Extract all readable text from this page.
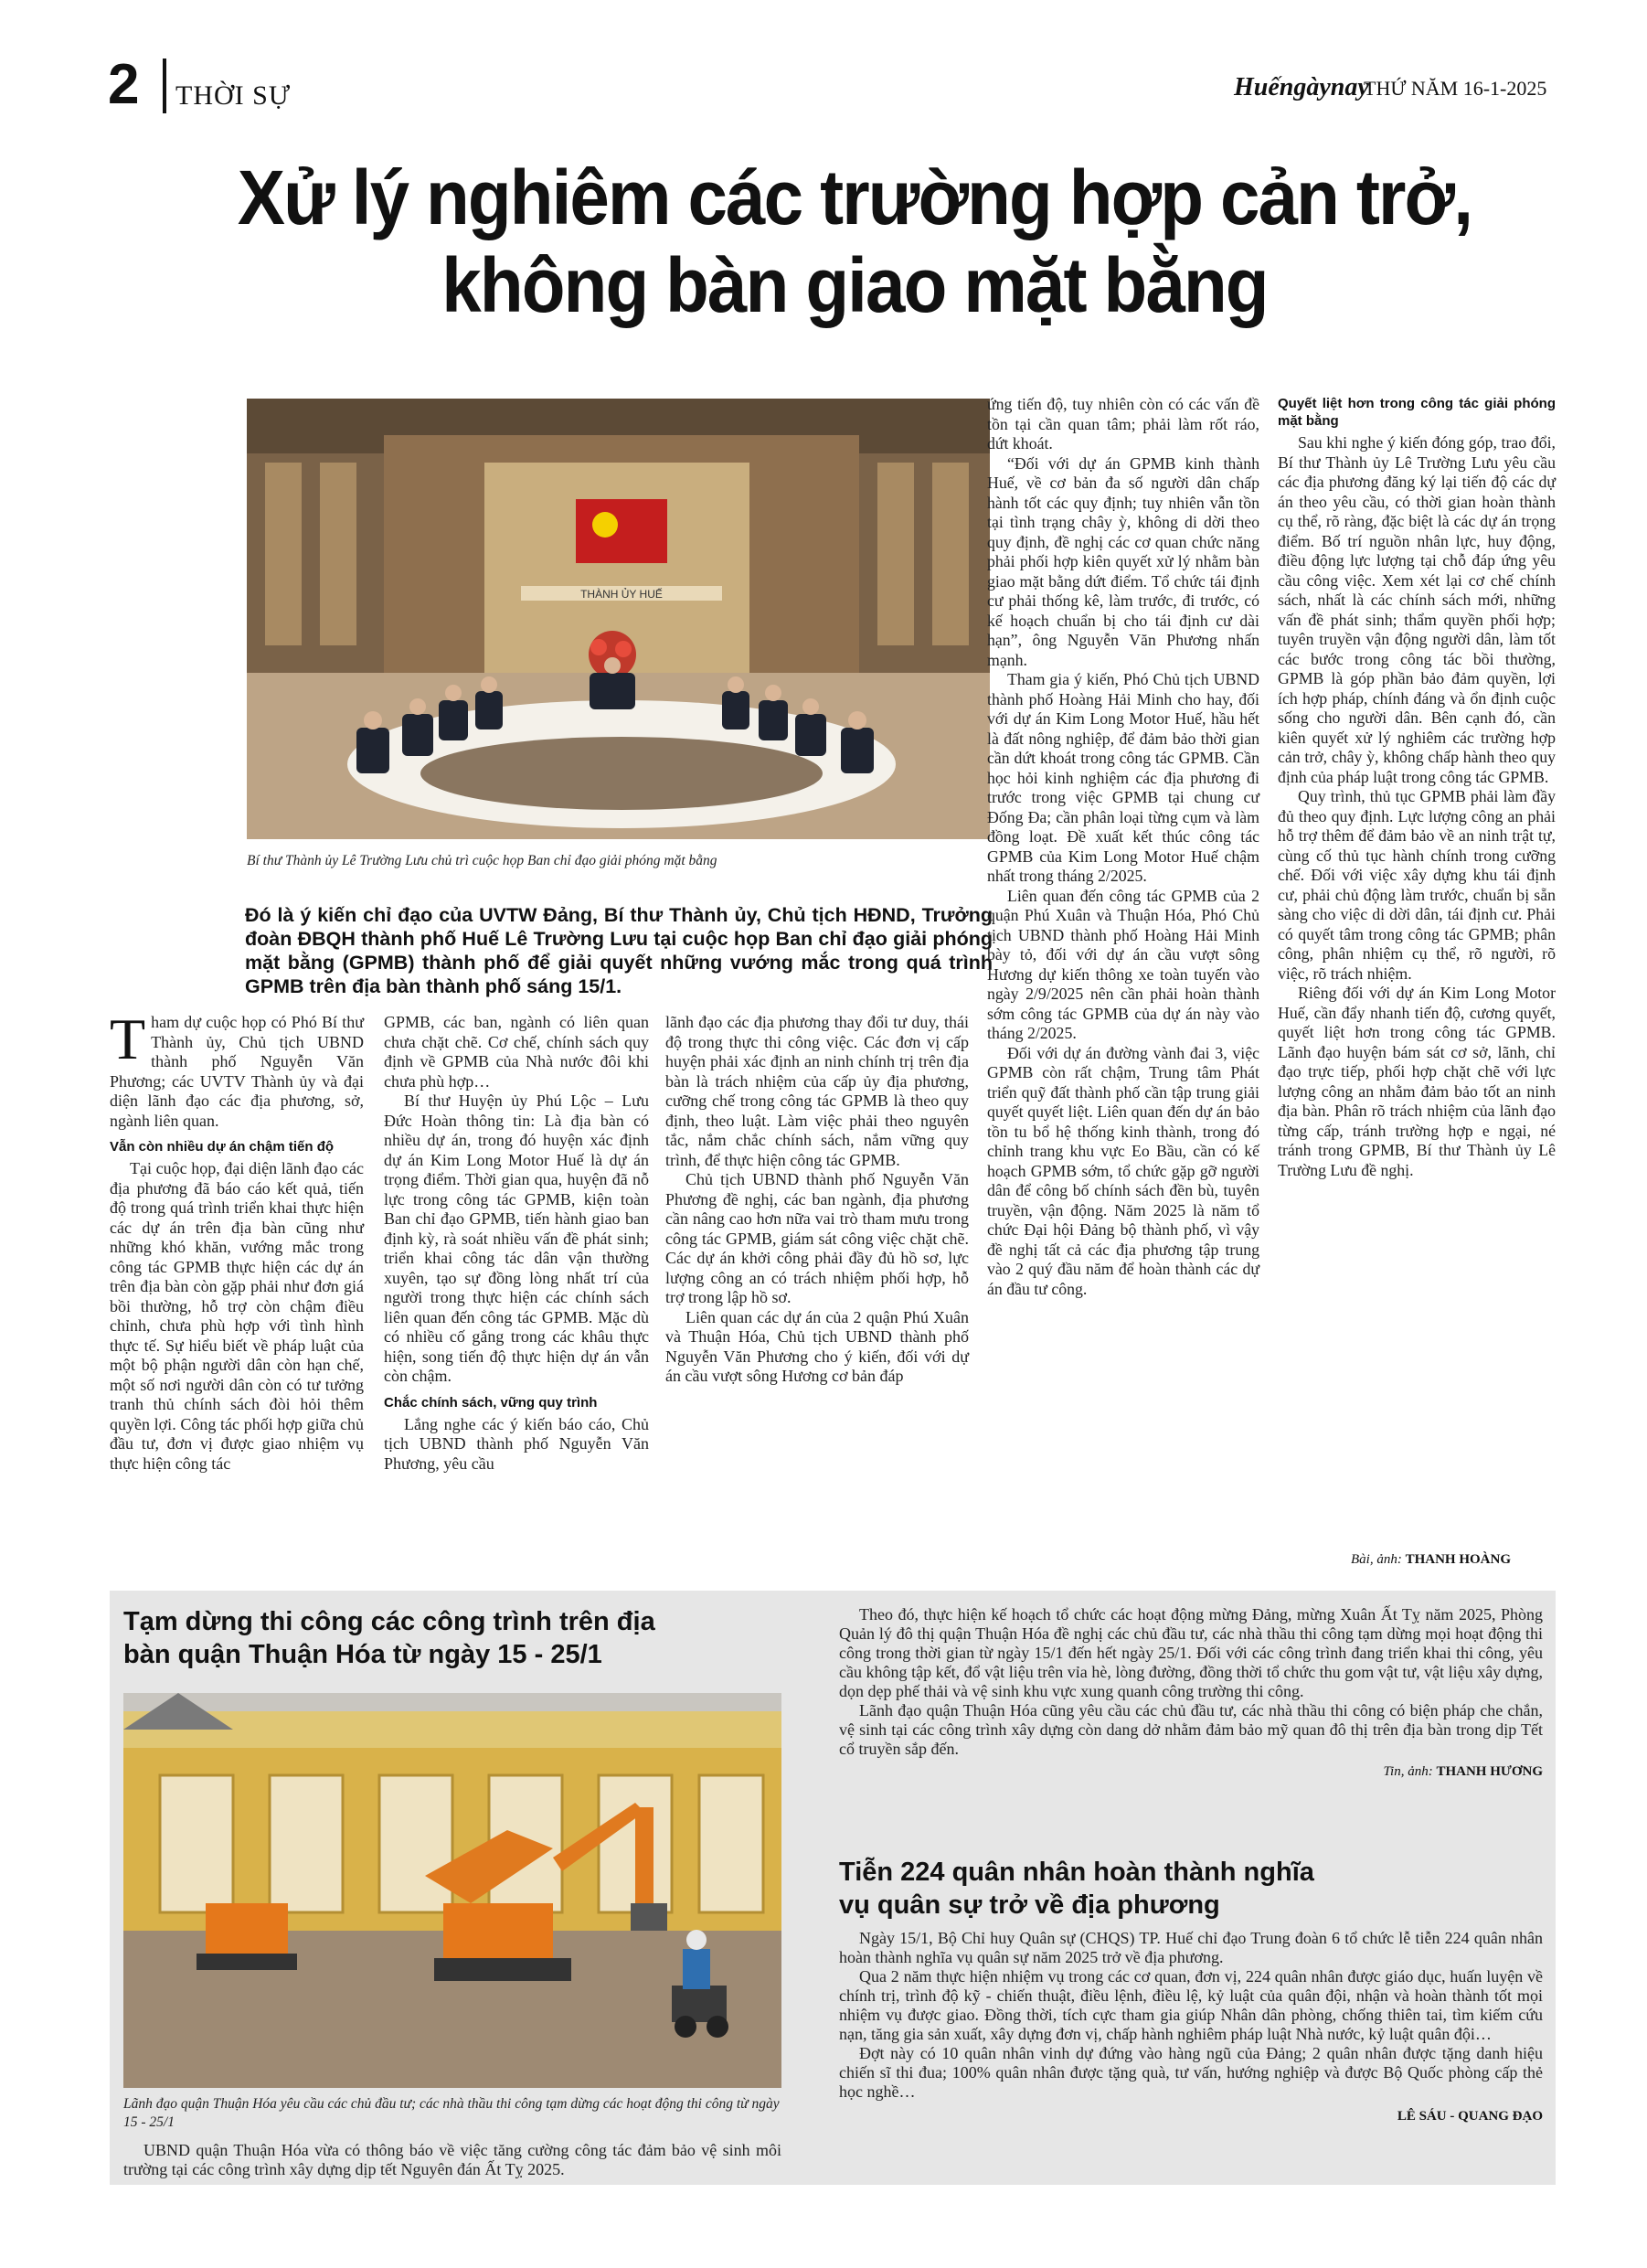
2 THỜI SỰ	Huếngàynay
THỨ NĂM 16-1-2025
Xử lý nghiêm các trường hợp cản trở,
không bàn giao mặt bằng
THÀNH ỦY HUẾ
Bí thư Thành ủy Lê Trường Lưu chủ trì cuộc họp Ban chỉ đạo giải phóng mặt bằng
Đó là ý kiến chỉ đạo của UVTW Đảng, Bí thư Thành ủy, Chủ tịch HĐND, Trưởng đoàn ĐBQH thành phố Huế Lê Trường Lưu tại cuộc họp Ban chỉ đạo giải phóng mặt bằng (GPMB) thành phố để giải quyết những vướng mắc trong quá trình GPMB trên địa bàn thành phố sáng 15/1.

Tham dự cuộc họp có Phó Bí thư Thành ủy, Chủ tịch UBND thành phố Nguyễn Văn Phương; các UVTV Thành ủy và đại diện lãnh đạo các địa phương, sở, ngành liên quan.

Vẫn còn nhiều dự án chậm tiến độ

Tại cuộc họp, đại diện lãnh đạo các địa phương đã báo cáo kết quả, tiến độ trong quá trình triển khai thực hiện các dự án trên địa bàn cũng như những khó khăn, vướng mắc trong công tác GPMB thực hiện các dự án trên địa bàn còn gặp phải như đơn giá bồi thường, hỗ trợ còn chậm điều chỉnh, chưa phù hợp với tình hình thực tế. Sự hiểu biết về pháp luật của một bộ phận người dân còn hạn chế, một số nơi người dân còn có tư tưởng tranh thủ chính sách đòi hỏi thêm quyền lợi. Công tác phối hợp giữa chủ đầu tư, đơn vị được giao nhiệm vụ thực hiện công tác

GPMB, các ban, ngành có liên quan chưa chặt chẽ. Cơ chế, chính sách quy định về GPMB của Nhà nước đôi khi chưa phù hợp…

Bí thư Huyện ủy Phú Lộc – Lưu Đức Hoàn thông tin: Là địa bàn có nhiều dự án, trong đó huyện xác định dự án Kim Long Motor Huế là dự án trọng điểm. Thời gian qua, huyện đã nỗ lực trong công tác GPMB, kiện toàn Ban chỉ đạo GPMB, tiến hành giao ban định kỳ, rà soát nhiều vấn đề phát sinh; triển khai công tác dân vận thường xuyên, tạo sự đồng lòng nhất trí của người trong thực hiện các chính sách liên quan đến công tác GPMB. Mặc dù có nhiều cố gắng trong các khâu thực hiện, song tiến độ thực hiện dự án vẫn còn chậm.

Chắc chính sách, vững quy trình

Lắng nghe các ý kiến báo cáo, Chủ tịch UBND thành phố Nguyễn Văn Phương, yêu cầu

lãnh đạo các địa phương thay đổi tư duy, thái độ trong thực thi công việc. Các đơn vị cấp huyện phải xác định an ninh chính trị trên địa bàn là trách nhiệm của cấp ủy địa phương, cưỡng chế trong công tác GPMB là theo quy định, theo luật. Làm việc phải theo nguyên tắc, nắm chắc chính sách, nắm vững quy trình, để thực hiện công tác GPMB.

Chủ tịch UBND thành phố Nguyễn Văn Phương đề nghị, các ban ngành, địa phương cần nâng cao hơn nữa vai trò tham mưu trong công tác GPMB, giám sát công việc chặt chẽ. Các dự án khởi công phải đầy đủ hồ sơ, lực lượng công an có trách nhiệm phối hợp, hỗ trợ trong lập hồ sơ.

Liên quan các dự án của 2 quận Phú Xuân và Thuận Hóa, Chủ tịch UBND thành phố Nguyễn Văn Phương cho ý kiến, đối với dự án cầu vượt sông Hương cơ bản đáp

ứng tiến độ, tuy nhiên còn có các vấn đề tồn tại cần quan tâm; phải làm rốt ráo, dứt khoát.

“Đối với dự án GPMB kinh thành Huế, về cơ bản đa số người dân chấp hành tốt các quy định; tuy nhiên vẫn tồn tại tình trạng chây ỳ, không di dời theo quy định, đề nghị các cơ quan chức năng phải phối hợp kiên quyết xử lý nhằm bàn giao mặt bằng dứt điểm. Tổ chức tái định cư phải thống kê, làm trước, đi trước, có kế hoạch chuẩn bị cho tái định cư dài hạn”, ông Nguyễn Văn Phương nhấn mạnh.

Tham gia ý kiến, Phó Chủ tịch UBND thành phố Hoàng Hải Minh cho hay, đối với dự án Kim Long Motor Huế, hầu hết là đất nông nghiệp, để đảm bảo thời gian cần dứt khoát trong công tác GPMB. Cần học hỏi kinh nghiệm các địa phương đi trước trong việc GPMB tại chung cư Đống Đa; cần phân loại từng cụm và làm đồng loạt. Đề xuất kết thúc công tác GPMB của Kim Long Motor Huế chậm nhất trong tháng 2/2025.

Liên quan đến công tác GPMB của 2 quận Phú Xuân và Thuận Hóa, Phó Chủ tịch UBND thành phố Hoàng Hải Minh bày tỏ, đối với dự án cầu vượt sông Hương dự kiến thông xe toàn tuyến vào ngày 2/9/2025 nên cần phải hoàn thành sớm công tác GPMB của dự án này vào tháng 2/2025.

Đối với dự án đường vành đai 3, việc GPMB còn rất chậm, Trung tâm Phát triển quỹ đất thành phố cần tập trung giải quyết quyết liệt. Liên quan đến dự án bảo tồn tu bổ hệ thống kinh thành, trong đó chỉnh trang khu vực Eo Bầu, cần có kế hoạch GPMB sớm, tổ chức gặp gỡ người dân để công bố chính sách đền bù, tuyên truyền, vận động. Năm 2025 là năm tổ chức Đại hội Đảng bộ thành phố, vì vậy đề nghị tất cả các địa phương tập trung vào 2 quý đầu năm để hoàn thành các dự án đầu tư công.

Quyết liệt hơn trong công tác giải phóng mặt bằng

Sau khi nghe ý kiến đóng góp, trao đổi, Bí thư Thành ủy Lê Trường Lưu yêu cầu các địa phương đăng ký lại tiến độ các dự án theo yêu cầu, có thời gian hoàn thành cụ thể, rõ ràng, đặc biệt là các dự án trọng điểm. Bố trí nguồn nhân lực, huy động, điều động lực lượng tại chỗ đáp ứng yêu cầu công việc. Xem xét lại cơ chế chính sách, nhất là các chính sách mới, những vấn đề phát sinh; thẩm quyền phối hợp; tuyên truyền vận động người dân, làm tốt các bước trong công tác bồi thường, GPMB là góp phần bảo đảm quyền, lợi ích hợp pháp, chính đáng và ổn định cuộc sống cho người dân. Bên cạnh đó, cần kiên quyết xử lý nghiêm các trường hợp cản trở, chây ỳ, không chấp hành theo quy định của pháp luật trong công tác GPMB.

Quy trình, thủ tục GPMB phải làm đầy đủ theo quy định. Lực lượng công an phải hỗ trợ thêm để đảm bảo về an ninh trật tự, cùng cố thủ tục hành chính trong cưỡng chế. Đối với việc xây dựng khu tái định cư, phải chủ động làm trước, chuẩn bị sẵn sàng cho việc di dời dân, tái định cư. Phải có quyết tâm trong công tác GPMB; phân công, phân nhiệm cụ thể, rõ người, rõ việc, rõ trách nhiệm.

Riêng đối với dự án Kim Long Motor Huế, cần đẩy nhanh tiến độ, cương quyết, quyết liệt hơn trong công tác GPMB. Lãnh đạo huyện bám sát cơ sở, lãnh, chỉ đạo trực tiếp, phối hợp chặt chẽ với lực lượng công an nhằm đảm bảo tốt an ninh địa bàn. Phân rõ trách nhiệm của lãnh đạo từng cấp, tránh trường hợp e ngại, né tránh trong GPMB, Bí thư Thành ủy Lê Trường Lưu đề nghị.

Bài, ảnh: THANH HOÀNG
Tạm dừng thi công các công trình trên địa bàn quận Thuận Hóa từ ngày 15 - 25/1
Lãnh đạo quận Thuận Hóa yêu cầu các chủ đầu tư; các nhà thầu thi công tạm dừng các hoạt động thi công từ ngày 15 - 25/1

UBND quận Thuận Hóa vừa có thông báo về việc tăng cường công tác đảm bảo vệ sinh môi trường tại các công trình xây dựng dịp tết Nguyên đán Ất Tỵ 2025.

Theo đó, thực hiện kế hoạch tổ chức các hoạt động mừng Đảng, mừng Xuân Ất Tỵ năm 2025, Phòng Quản lý đô thị quận Thuận Hóa đề nghị các chủ đầu tư, các nhà thầu thi công tạm dừng mọi hoạt động thi công trong thời gian từ ngày 15/1 đến hết ngày 25/1. Đối với các công trình đang triển khai thi công, yêu cầu không tập kết, đổ vật liệu trên vỉa hè, lòng đường, đồng thời tổ chức thu gom vật tư, vật liệu xây dựng, dọn dẹp phế thải và vệ sinh khu vực xung quanh công trường thi công.

Lãnh đạo quận Thuận Hóa cũng yêu cầu các chủ đầu tư, các nhà thầu thi công có biện pháp che chắn, vệ sinh tại các công trình xây dựng còn dang dở nhằm đảm bảo mỹ quan đô thị trên địa bàn trong dịp Tết cổ truyền sắp đến.

Tin, ảnh: THANH HƯƠNG
Tiễn 224 quân nhân hoàn thành nghĩa vụ quân sự trở về địa phương

Ngày 15/1, Bộ Chỉ huy Quân sự (CHQS) TP. Huế chỉ đạo Trung đoàn 6 tổ chức lễ tiễn 224 quân nhân hoàn thành nghĩa vụ quân sự năm 2025 trở về địa phương.

Qua 2 năm thực hiện nhiệm vụ trong các cơ quan, đơn vị, 224 quân nhân được giáo dục, huấn luyện về chính trị, trình độ kỹ - chiến thuật, điều lệnh, điều lệ, kỷ luật của quân đội, nhận và hoàn thành tốt mọi nhiệm vụ được giao. Đồng thời, tích cực tham gia giúp Nhân dân phòng, chống thiên tai, tìm kiếm cứu nạn, tăng gia sản xuất, xây dựng đơn vị, chấp hành nghiêm pháp luật Nhà nước, kỷ luật quân đội…

Đợt này có 10 quân nhân vinh dự đứng vào hàng ngũ của Đảng; 2 quân nhân được tặng danh hiệu chiến sĩ thi đua; 100% quân nhân được tặng quà, tư vấn, hướng nghiệp và được Bộ Quốc phòng cấp thẻ học nghề…

LÊ SÁU - QUANG ĐẠO
